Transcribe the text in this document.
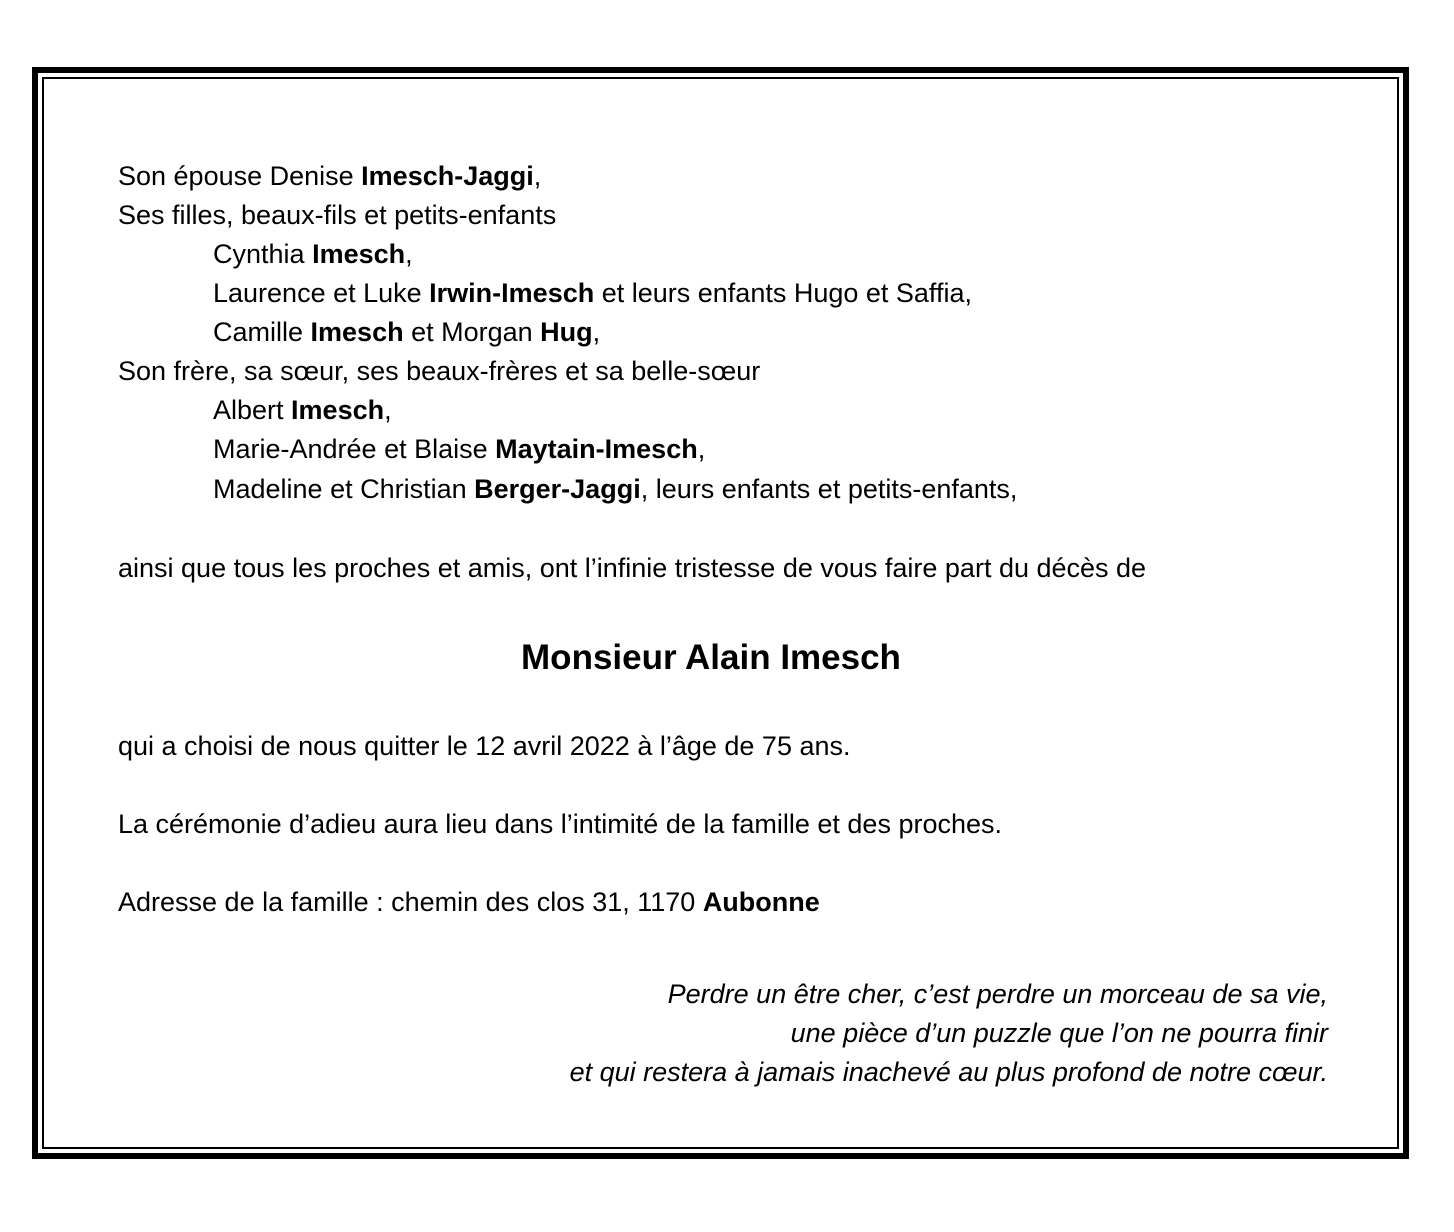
Son épouse Denise Imesch-Jaggi,
Ses filles, beaux-fils et petits-enfants
Cynthia Imesch,
Laurence et Luke Irwin-Imesch et leurs enfants Hugo et Saffia,
Camille Imesch et Morgan Hug,
Son frère, sa sœur, ses beaux-frères et sa belle-sœur
Albert Imesch,
Marie-Andrée et Blaise Maytain-Imesch,
Madeline et Christian Berger-Jaggi, leurs enfants et petits-enfants,
ainsi que tous les proches et amis, ont l’infinie tristesse de vous faire part du décès de
Monsieur Alain Imesch
qui a choisi de nous quitter le 12 avril 2022 à l’âge de 75 ans.
La cérémonie d’adieu aura lieu dans l’intimité de la famille et des proches.
Adresse de la famille : chemin des clos 31, 1170 Aubonne
Perdre un être cher, c’est perdre un morceau de sa vie,
une pièce d’un puzzle que l’on ne pourra finir
et qui restera à jamais inachevé au plus profond de notre cœur.
